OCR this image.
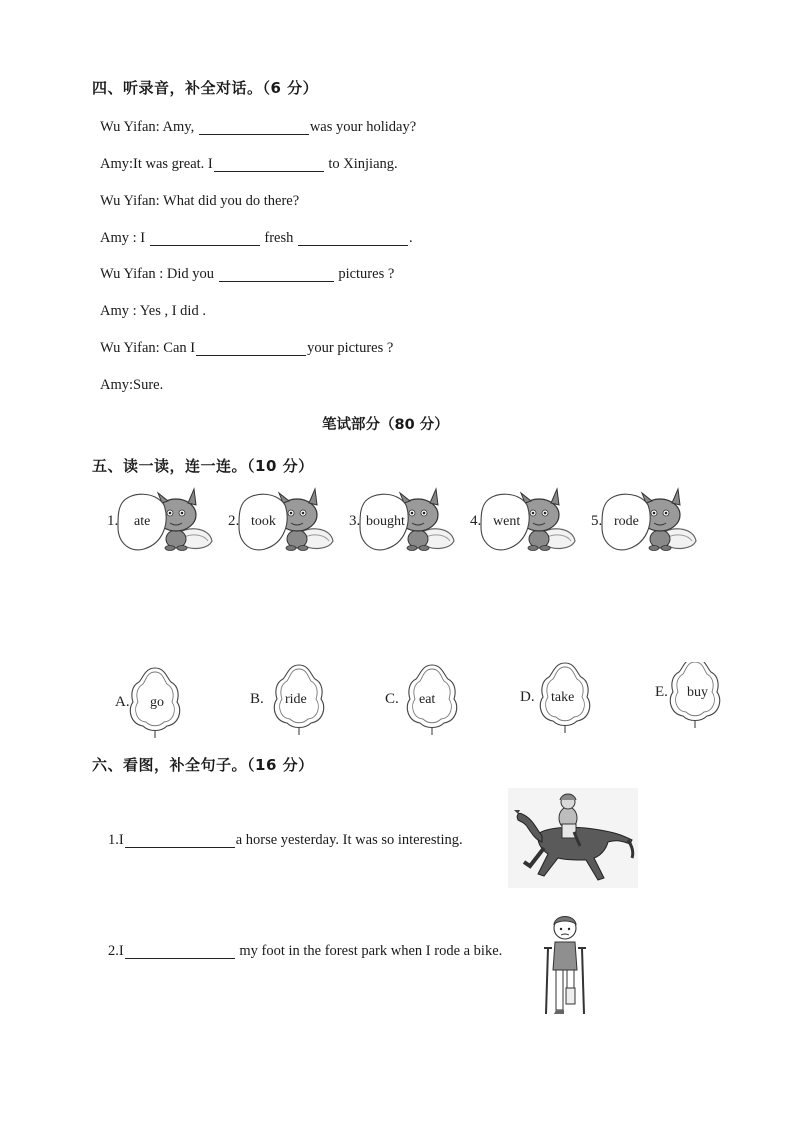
四、听录音，补全对话。（6 分）
Wu Yifan: Amy,	was your holiday?
Amy:It was great. I	to Xinjiang.
Wu Yifan: What did you do there?
Amy : I	fresh	.
Wu Yifan : Did you	pictures ?
Amy : Yes , I did .
Wu Yifan: Can I	your pictures ?
Amy:Sure.
笔试部分（80 分）
五、读一读，连一连。（10 分）
1. ate	2. took	3. bought	4. went	5. rode
A. go	B. ride	C. eat	D. take	E. buy
六、看图，补全句子。（16 分）
1.I	a horse yesterday. It was so interesting.
2.I	my foot in the forest park when I rode a bike.
